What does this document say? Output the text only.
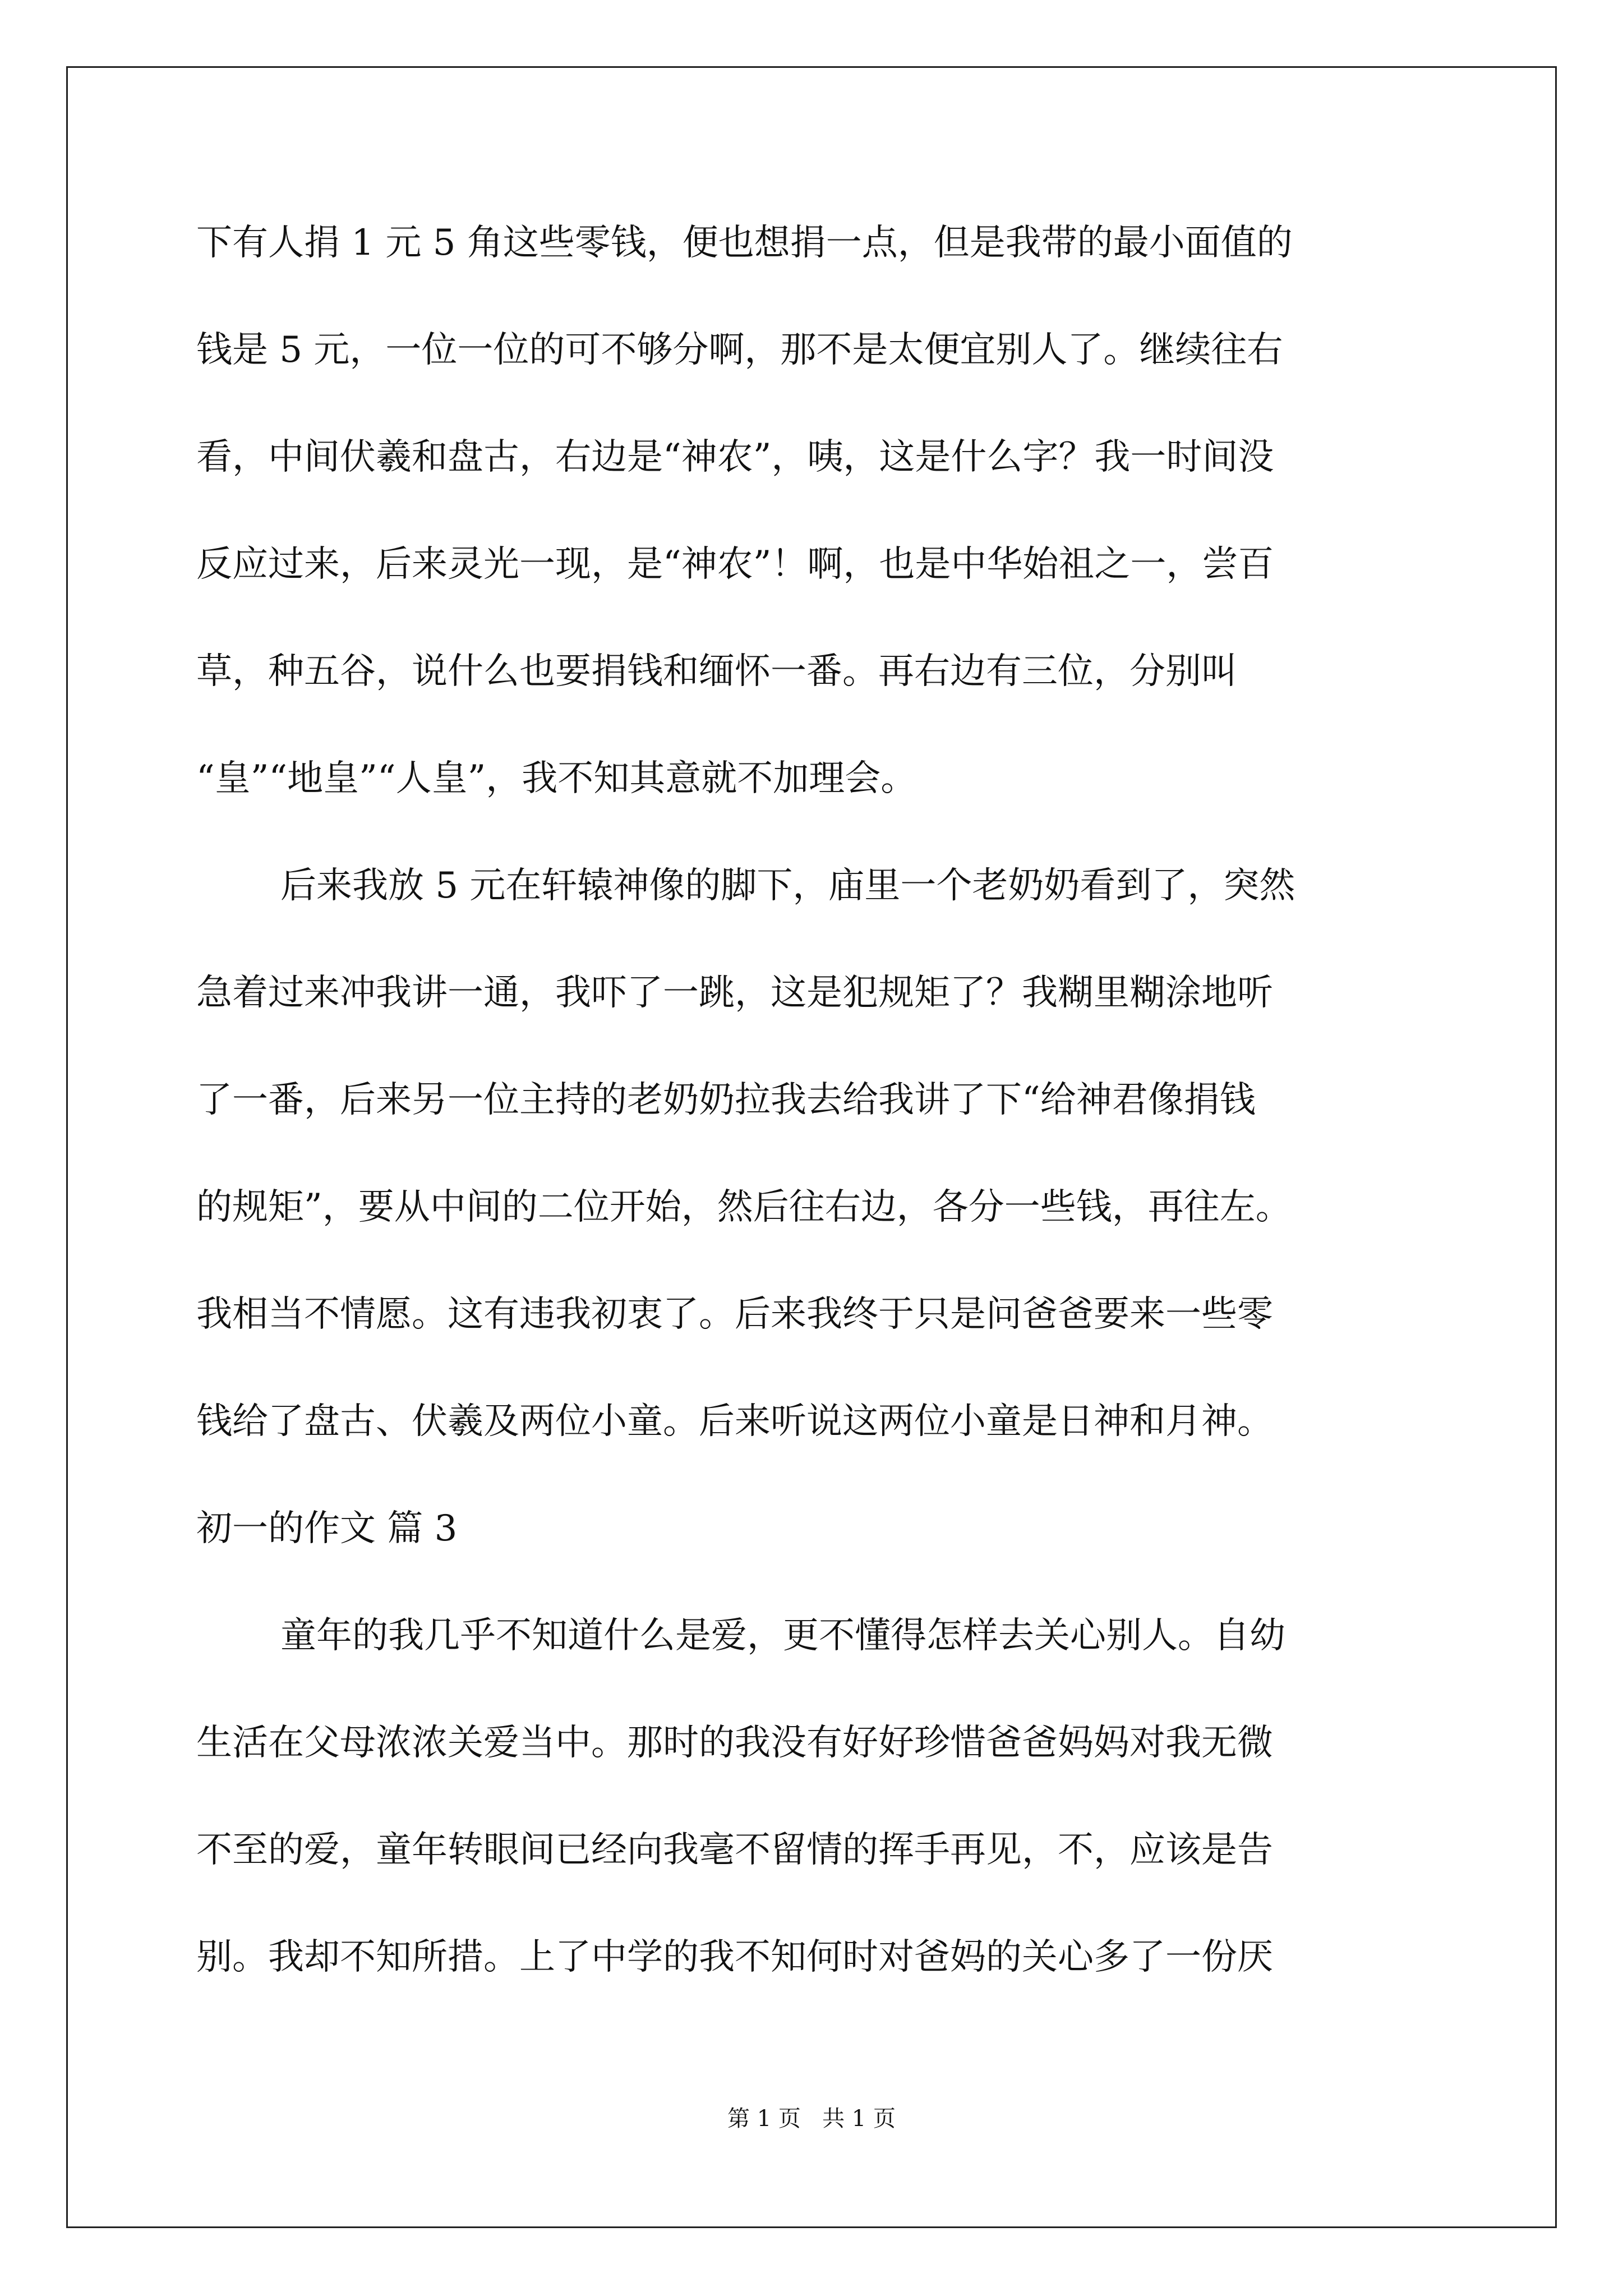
下有人捐 1 元 5 角这些零钱，便也想捐一点，但是我带的最小面值的
钱是 5 元，一位一位的可不够分啊，那不是太便宜别人了。继续往右
看，中间伏羲和盘古，右边是“神农”，咦，这是什么字？我一时间没
反应过来，后来灵光一现，是“神农”！啊，也是中华始祖之一，尝百
草，种五谷，说什么也要捐钱和缅怀一番。再右边有三位，分别叫
“皇”“地皇”“人皇”，我不知其意就不加理会。
后来我放 5 元在轩辕神像的脚下，庙里一个老奶奶看到了，突然
急着过来冲我讲一通，我吓了一跳，这是犯规矩了？我糊里糊涂地听
了一番，后来另一位主持的老奶奶拉我去给我讲了下“给神君像捐钱
的规矩”，要从中间的二位开始，然后往右边，各分一些钱，再往左。
我相当不情愿。这有违我初衷了。后来我终于只是问爸爸要来一些零
钱给了盘古、伏羲及两位小童。后来听说这两位小童是日神和月神。
初一的作文 篇 3
童年的我几乎不知道什么是爱，更不懂得怎样去关心别人。自幼
生活在父母浓浓关爱当中。那时的我没有好好珍惜爸爸妈妈对我无微
不至的爱，童年转眼间已经向我毫不留情的挥手再见，不，应该是告
别。我却不知所措。上了中学的我不知何时对爸妈的关心多了一份厌
第 1 页   共 1 页
